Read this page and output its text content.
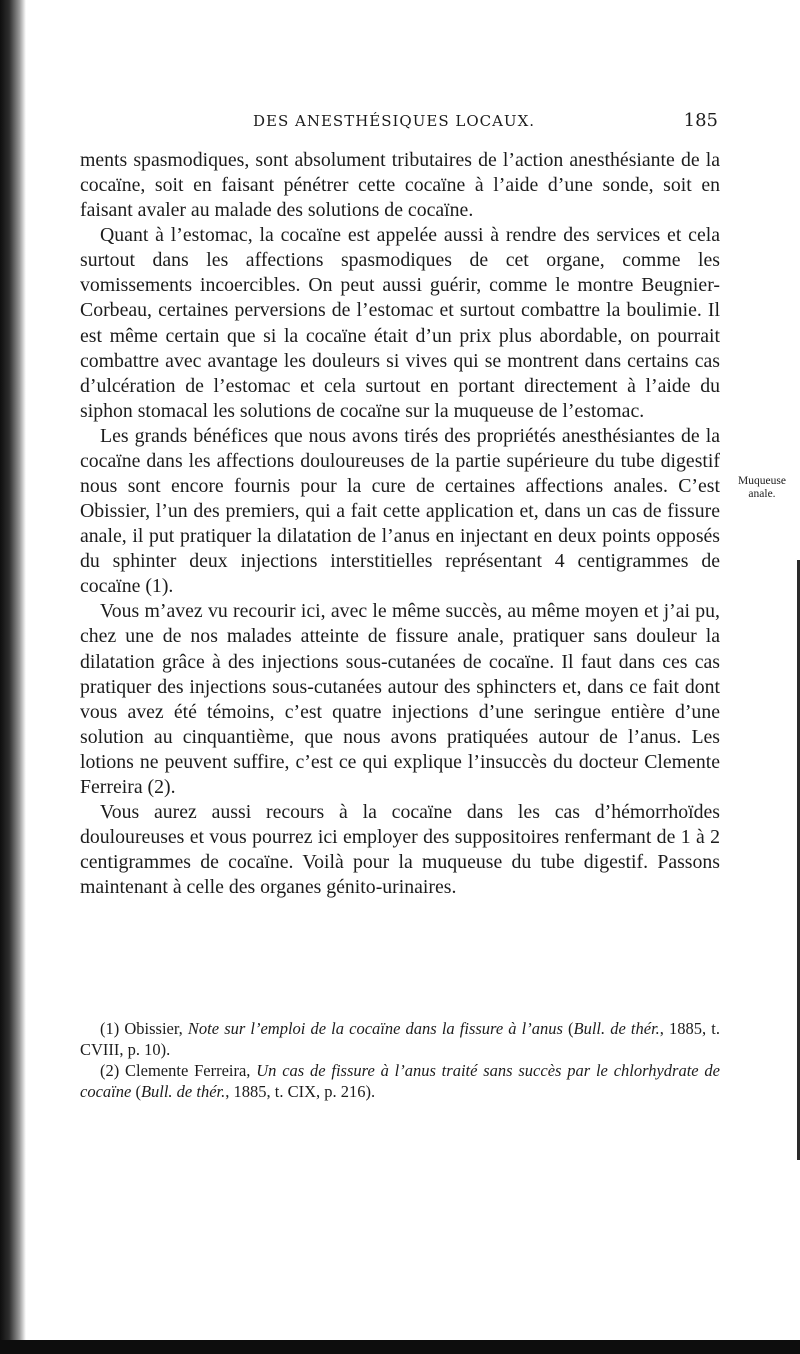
DES ANESTHÉSIQUES LOCAUX.	185

ments spasmodiques, sont absolument tributaires de l’action anesthésiante de la cocaïne, soit en faisant pénétrer cette cocaïne à l’aide d’une sonde, soit en faisant avaler au malade des solutions de cocaïne.

Quant à l’estomac, la cocaïne est appelée aussi à rendre des services et cela surtout dans les affections spasmodiques de cet organe, comme les vomissements incoercibles. On peut aussi guérir, comme le montre Beugnier-Corbeau, certaines perversions de l’estomac et surtout combattre la boulimie. Il est même certain que si la cocaïne était d’un prix plus abordable, on pourrait combattre avec avantage les douleurs si vives qui se montrent dans certains cas d’ulcération de l’estomac et cela surtout en portant directement à l’aide du siphon stomacal les solutions de cocaïne sur la muqueuse de l’estomac.

Les grands bénéfices que nous avons tirés des propriétés anesthésiantes de la cocaïne dans les affections douloureuses de la partie supérieure du tube digestif nous sont encore fournis pour la cure de certaines affections anales. C’est Obissier, l’un des premiers, qui a fait cette application et, dans un cas de fissure anale, il put pratiquer la dilatation de l’anus en injectant en deux points opposés du sphinter deux injections interstitielles représentant 4 centigrammes de cocaïne (1).

Vous m’avez vu recourir ici, avec le même succès, au même moyen et j’ai pu, chez une de nos malades atteinte de fissure anale, pratiquer sans douleur la dilatation grâce à des injections sous-cutanées de cocaïne. Il faut dans ces cas pratiquer des injections sous-cutanées autour des sphincters et, dans ce fait dont vous avez été témoins, c’est quatre injections d’une seringue entière d’une solution au cinquantième, que nous avons pratiquées autour de l’anus. Les lotions ne peuvent suffire, c’est ce qui explique l’insuccès du docteur Clemente Ferreira (2).

Vous aurez aussi recours à la cocaïne dans les cas d’hémorrhoïdes douloureuses et vous pourrez ici employer des suppositoires renfermant de 1 à 2 centigrammes de cocaïne. Voilà pour la muqueuse du tube digestif. Passons maintenant à celle des organes génito-urinaires.

Muqueuse
anale.

(1) Obissier, Note sur l’emploi de la cocaïne dans la fissure à l’anus (Bull. de thér., 1885, t. CVIII, p. 10).

(2) Clemente Ferreira, Un cas de fissure à l’anus traité sans succès par le chlorhydrate de cocaïne (Bull. de thér., 1885, t. CIX, p. 216).
